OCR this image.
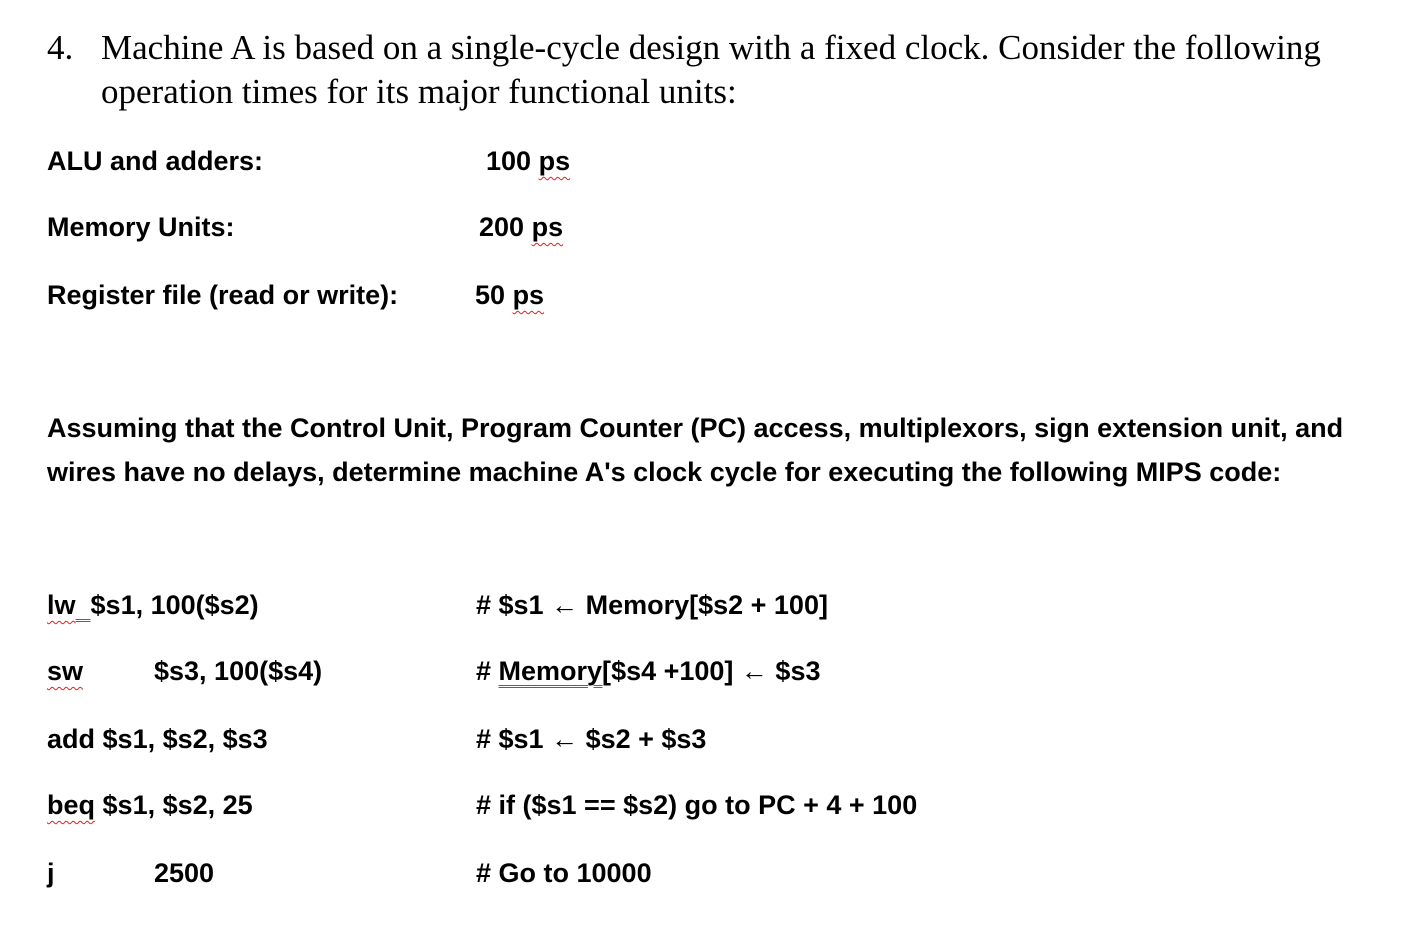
4. Machine A is based on a single-cycle design with a fixed clock. Consider the following
operation times for its major functional units:
ALU and adders:	100 ps
Memory Units:	200 ps
Register file (read or write):	50 ps
Assuming that the Control Unit, Program Counter (PC) access, multiplexors, sign extension unit, and
wires have no delays, determine machine A's clock cycle for executing the following MIPS code:
lw $s1, 100($s2)	# $s1 ← Memory[$s2 + 100]
sw	$s3, 100($s4)	# Memory[$s4 +100] ← $s3
add $s1, $s2, $s3	# $s1 ← $s2 + $s3
beq $s1, $s2, 25	# if ($s1 == $s2) go to PC + 4 + 100
j	2500	# Go to 10000
